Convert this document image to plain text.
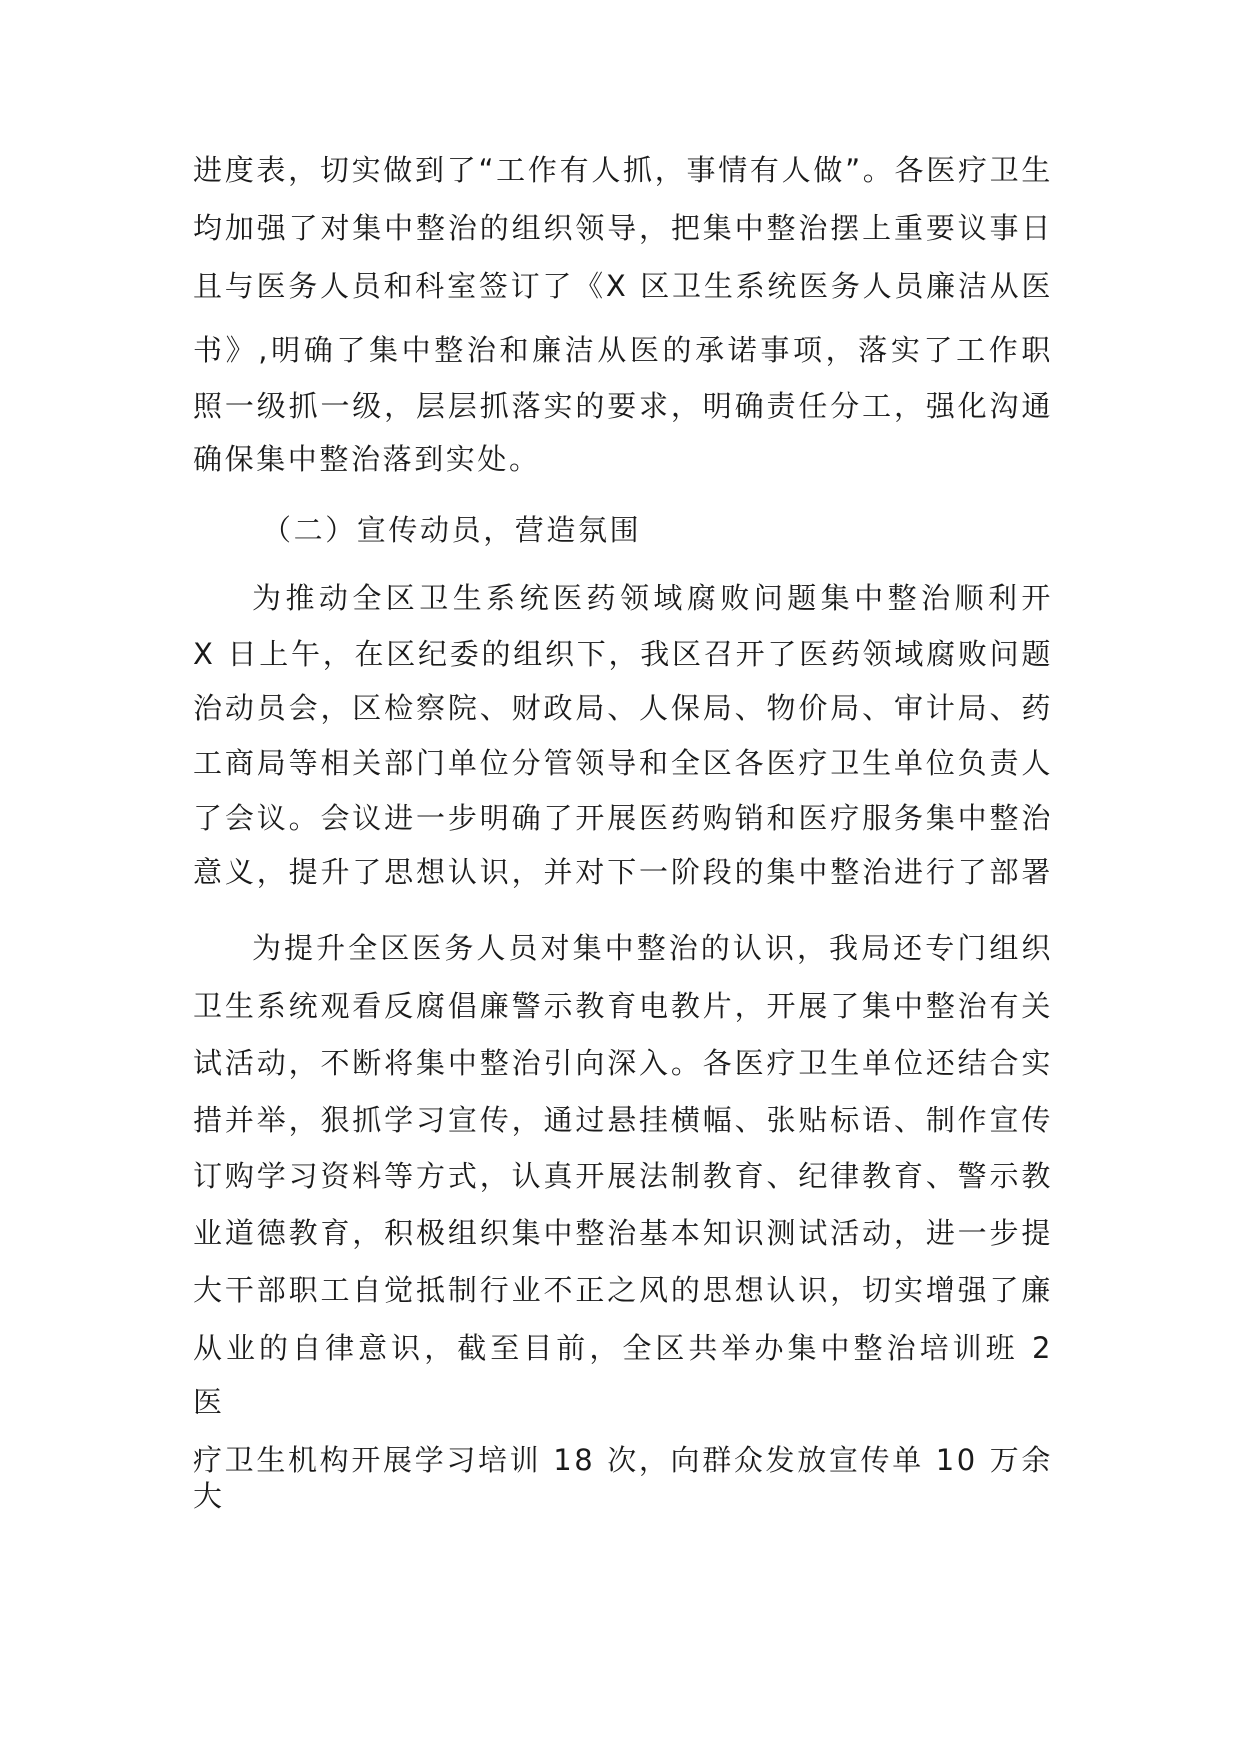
进度表，切实做到了“工作有人抓，事情有人做”。各医疗卫生
均加强了对集中整治的组织领导，把集中整治摆上重要议事日
且与医务人员和科室签订了《X 区卫生系统医务人员廉洁从医
书》,明确了集中整治和廉洁从医的承诺事项，落实了工作职
照一级抓一级，层层抓落实的要求，明确责任分工，强化沟通
确保集中整治落到实处。
（二）宣传动员，营造氛围
为推动全区卫生系统医药领域腐败问题集中整治顺利开
X 日上午，在区纪委的组织下，我区召开了医药领域腐败问题
治动员会，区检察院、财政局、人保局、物价局、审计局、药
工商局等相关部门单位分管领导和全区各医疗卫生单位负责人
了会议。会议进一步明确了开展医药购销和医疗服务集中整治
意义，提升了思想认识，并对下一阶段的集中整治进行了部署
为提升全区医务人员对集中整治的认识，我局还专门组织
卫生系统观看反腐倡廉警示教育电教片，开展了集中整治有关
试活动，不断将集中整治引向深入。各医疗卫生单位还结合实
措并举，狠抓学习宣传，通过悬挂横幅、张贴标语、制作宣传
订购学习资料等方式，认真开展法制教育、纪律教育、警示教
业道德教育，积极组织集中整治基本知识测试活动，进一步提
大干部职工自觉抵制行业不正之风的思想认识，切实增强了廉
从业的自律意识，截至目前，全区共举办集中整治培训班 2
医
疗卫生机构开展学习培训 18 次，向群众发放宣传单 10 万余
大
